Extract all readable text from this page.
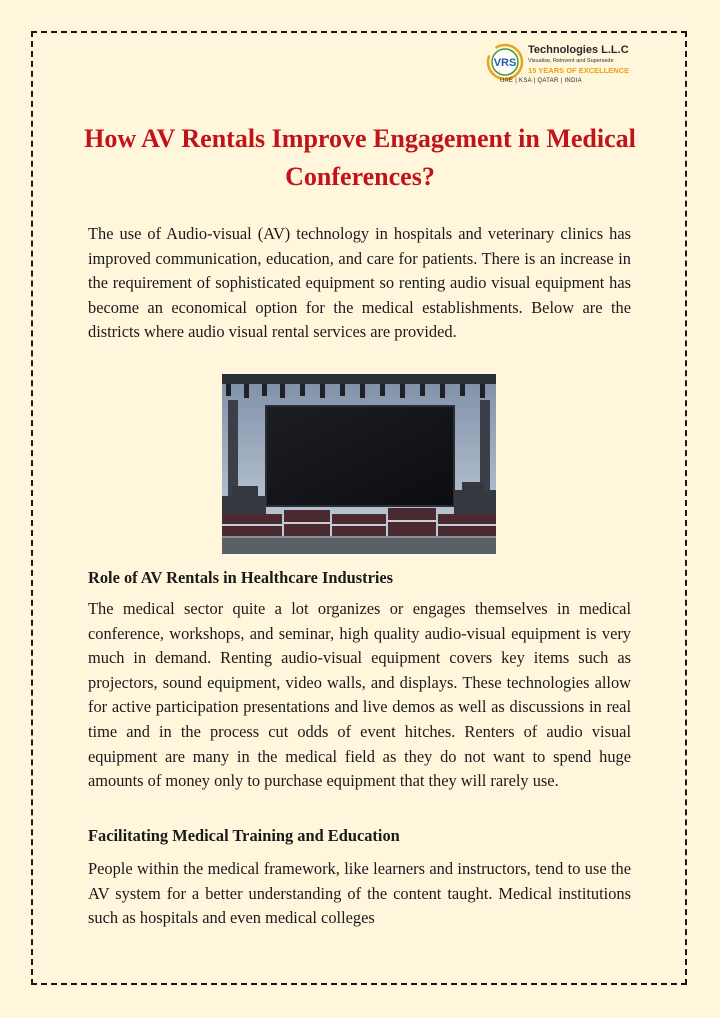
VRS
Technologies L.L.C
Visualise, Reinvent and Supersede
15 YEARS OF EXCELLENCE
UAE | KSA | QATAR | INDIA
How AV Rentals Improve Engagement in Medical Conferences?

The use of Audio-visual (AV) technology in hospitals and veterinary clinics has improved communication, education, and care for patients. There is an increase in the requirement of sophisticated equipment so renting audio visual equipment has become an economical option for the medical establishments. Below are the districts where audio visual rental services are provided.

Role of AV Rentals in Healthcare Industries

The medical sector quite a lot organizes or engages themselves in medical conference, workshops, and seminar, high quality audio-visual equipment is very much in demand. Renting audio-visual equipment covers key items such as projectors, sound equipment, video walls, and displays. These technologies allow for active participation presentations and live demos as well as discussions in real time and in the process cut odds of event hitches. Renters of audio visual equipment are many in the medical field as they do not want to spend huge amounts of money only to purchase equipment that they will rarely use.

Facilitating Medical Training and Education

People within the medical framework, like learners and instructors, tend to use the AV system for a better understanding of the content taught. Medical institutions such as hospitals and even medical colleges
